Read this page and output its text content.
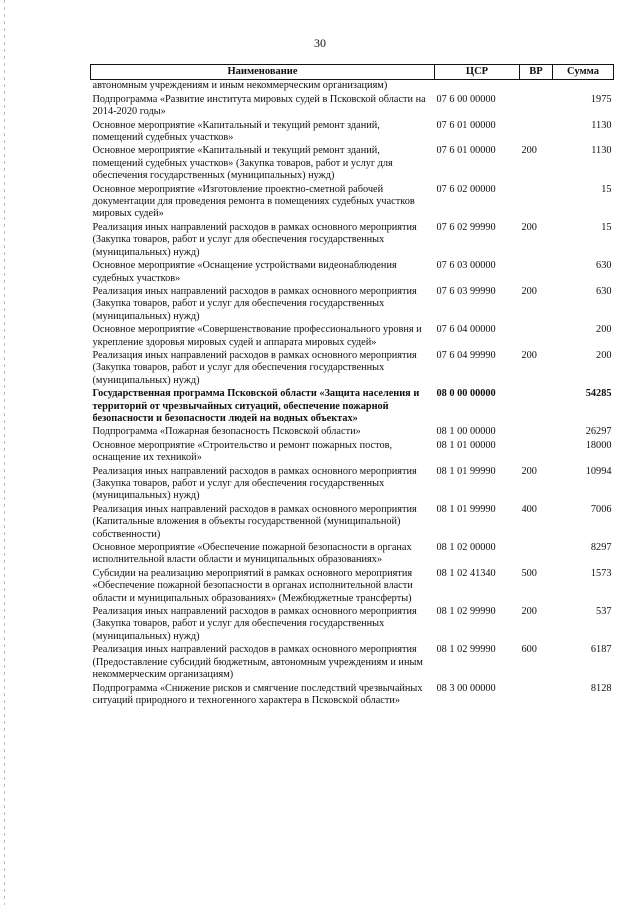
30
Наименование	ЦСР	ВР	Сумма
автономным учреждениям и иным некоммерческим организациям)			
Подпрограмма «Развитие института мировых судей в Псковской области на 2014-2020 годы»	07 6 00 00000		1975
Основное мероприятие «Капитальный и текущий ремонт зданий, помещений судебных участков»	07 6 01 00000		1130
Основное мероприятие «Капитальный и текущий ремонт зданий, помещений судебных участков» (Закупка товаров, работ и услуг для обеспечения государственных (муниципальных) нужд)	07 6 01 00000	200	1130
Основное мероприятие «Изготовление проектно-сметной рабочей документации для проведения ремонта в помещениях судебных участков мировых судей»	07 6 02 00000		15
Реализация иных направлений расходов в рамках основного мероприятия (Закупка товаров, работ и услуг для обеспечения государственных (муниципальных) нужд)	07 6 02 99990	200	15
Основное мероприятие «Оснащение устройствами видеонаблюдения судебных участков»	07 6 03 00000		630
Реализация иных направлений расходов в рамках основного мероприятия (Закупка товаров, работ и услуг для обеспечения государственных (муниципальных) нужд)	07 6 03 99990	200	630
Основное мероприятие «Совершенствование профессионального уровня и укрепление здоровья мировых судей и аппарата мировых судей»	07 6 04 00000		200
Реализация иных направлений расходов в рамках основного мероприятия (Закупка товаров, работ и услуг для обеспечения государственных (муниципальных) нужд)	07 6 04 99990	200	200
Государственная программа Псковской области «Защита населения и территорий от чрезвычайных ситуаций, обеспечение пожарной безопасности и безопасности людей на водных объектах»	08 0 00 00000		54285
Подпрограмма «Пожарная безопасность Псковской области»	08 1 00 00000		26297
Основное мероприятие «Строительство и ремонт пожарных постов, оснащение их техникой»	08 1 01 00000		18000
Реализация иных направлений расходов в рамках основного мероприятия (Закупка товаров, работ и услуг для обеспечения государственных (муниципальных) нужд)	08 1 01 99990	200	10994
Реализация иных направлений расходов в рамках основного мероприятия (Капитальные вложения в объекты государственной (муниципальной) собственности)	08 1 01 99990	400	7006
Основное мероприятие «Обеспечение пожарной безопасности в органах исполнительной власти области и муниципальных образованиях»	08 1 02 00000		8297
Субсидии на реализацию мероприятий в рамках основного мероприятия «Обеспечение пожарной безопасности в органах исполнительной власти области и муниципальных образованиях» (Межбюджетные трансферты)	08 1 02 41340	500	1573
Реализация иных направлений расходов в рамках основного мероприятия (Закупка товаров, работ и услуг для обеспечения государственных (муниципальных) нужд)	08 1 02 99990	200	537
Реализация иных направлений расходов в рамках основного мероприятия (Предоставление субсидий бюджетным, автономным учреждениям и иным некоммерческим организациям)	08 1 02 99990	600	6187
Подпрограмма «Снижение рисков и смягчение последствий чрезвычайных ситуаций природного и техногенного характера в Псковской области»	08 3 00 00000		8128
